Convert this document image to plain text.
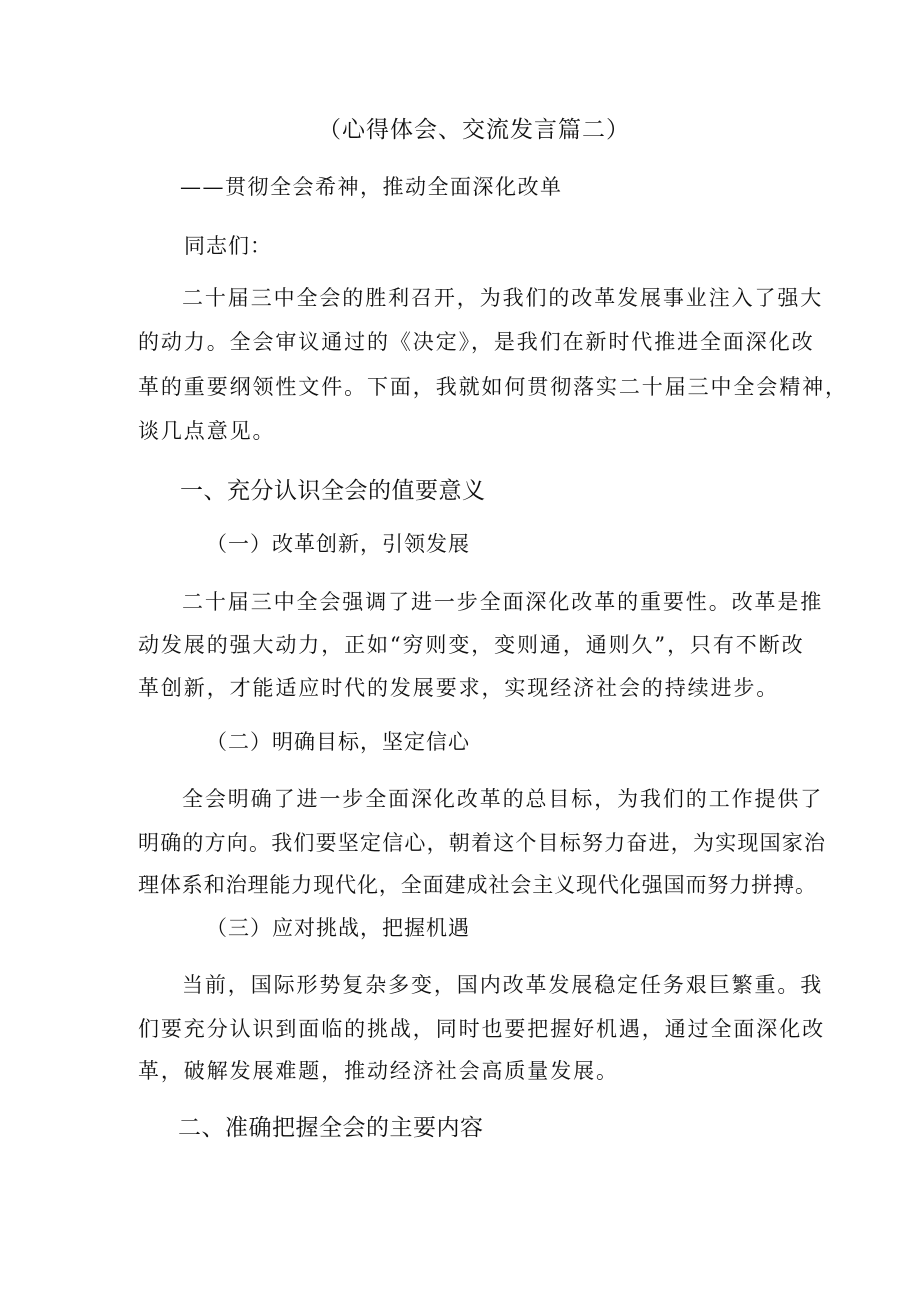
（心得体会、交流发言篇二）
——贯彻全会希神，推动全面深化改单
同志们：
二十届三中全会的胜利召开，为我们的改革发展事业注入了强大
的动力。全会审议通过的《决定》，是我们在新时代推进全面深化改
革的重要纲领性文件。下面，我就如何贯彻落实二十届三中全会精神，
谈几点意见。
一、充分认识全会的值要意义
（一）改革创新，引领发展
二十届三中全会强调了进一步全面深化改革的重要性。改革是推
动发展的强大动力，正如“穷则变，变则通，通则久”，只有不断改
革创新，才能适应时代的发展要求，实现经济社会的持续进步。
（二）明确目标，坚定信心
全会明确了进一步全面深化改革的总目标，为我们的工作提供了
明确的方向。我们要坚定信心，朝着这个目标努力奋进，为实现国家治
理体系和治理能力现代化，全面建成社会主义现代化强国而努力拼搏。
（三）应对挑战，把握机遇
当前，国际形势复杂多变，国内改革发展稳定任务艰巨繁重。我
们要充分认识到面临的挑战，同时也要把握好机遇，通过全面深化改
革，破解发展难题，推动经济社会高质量发展。
二、准确把握全会的主要内容
